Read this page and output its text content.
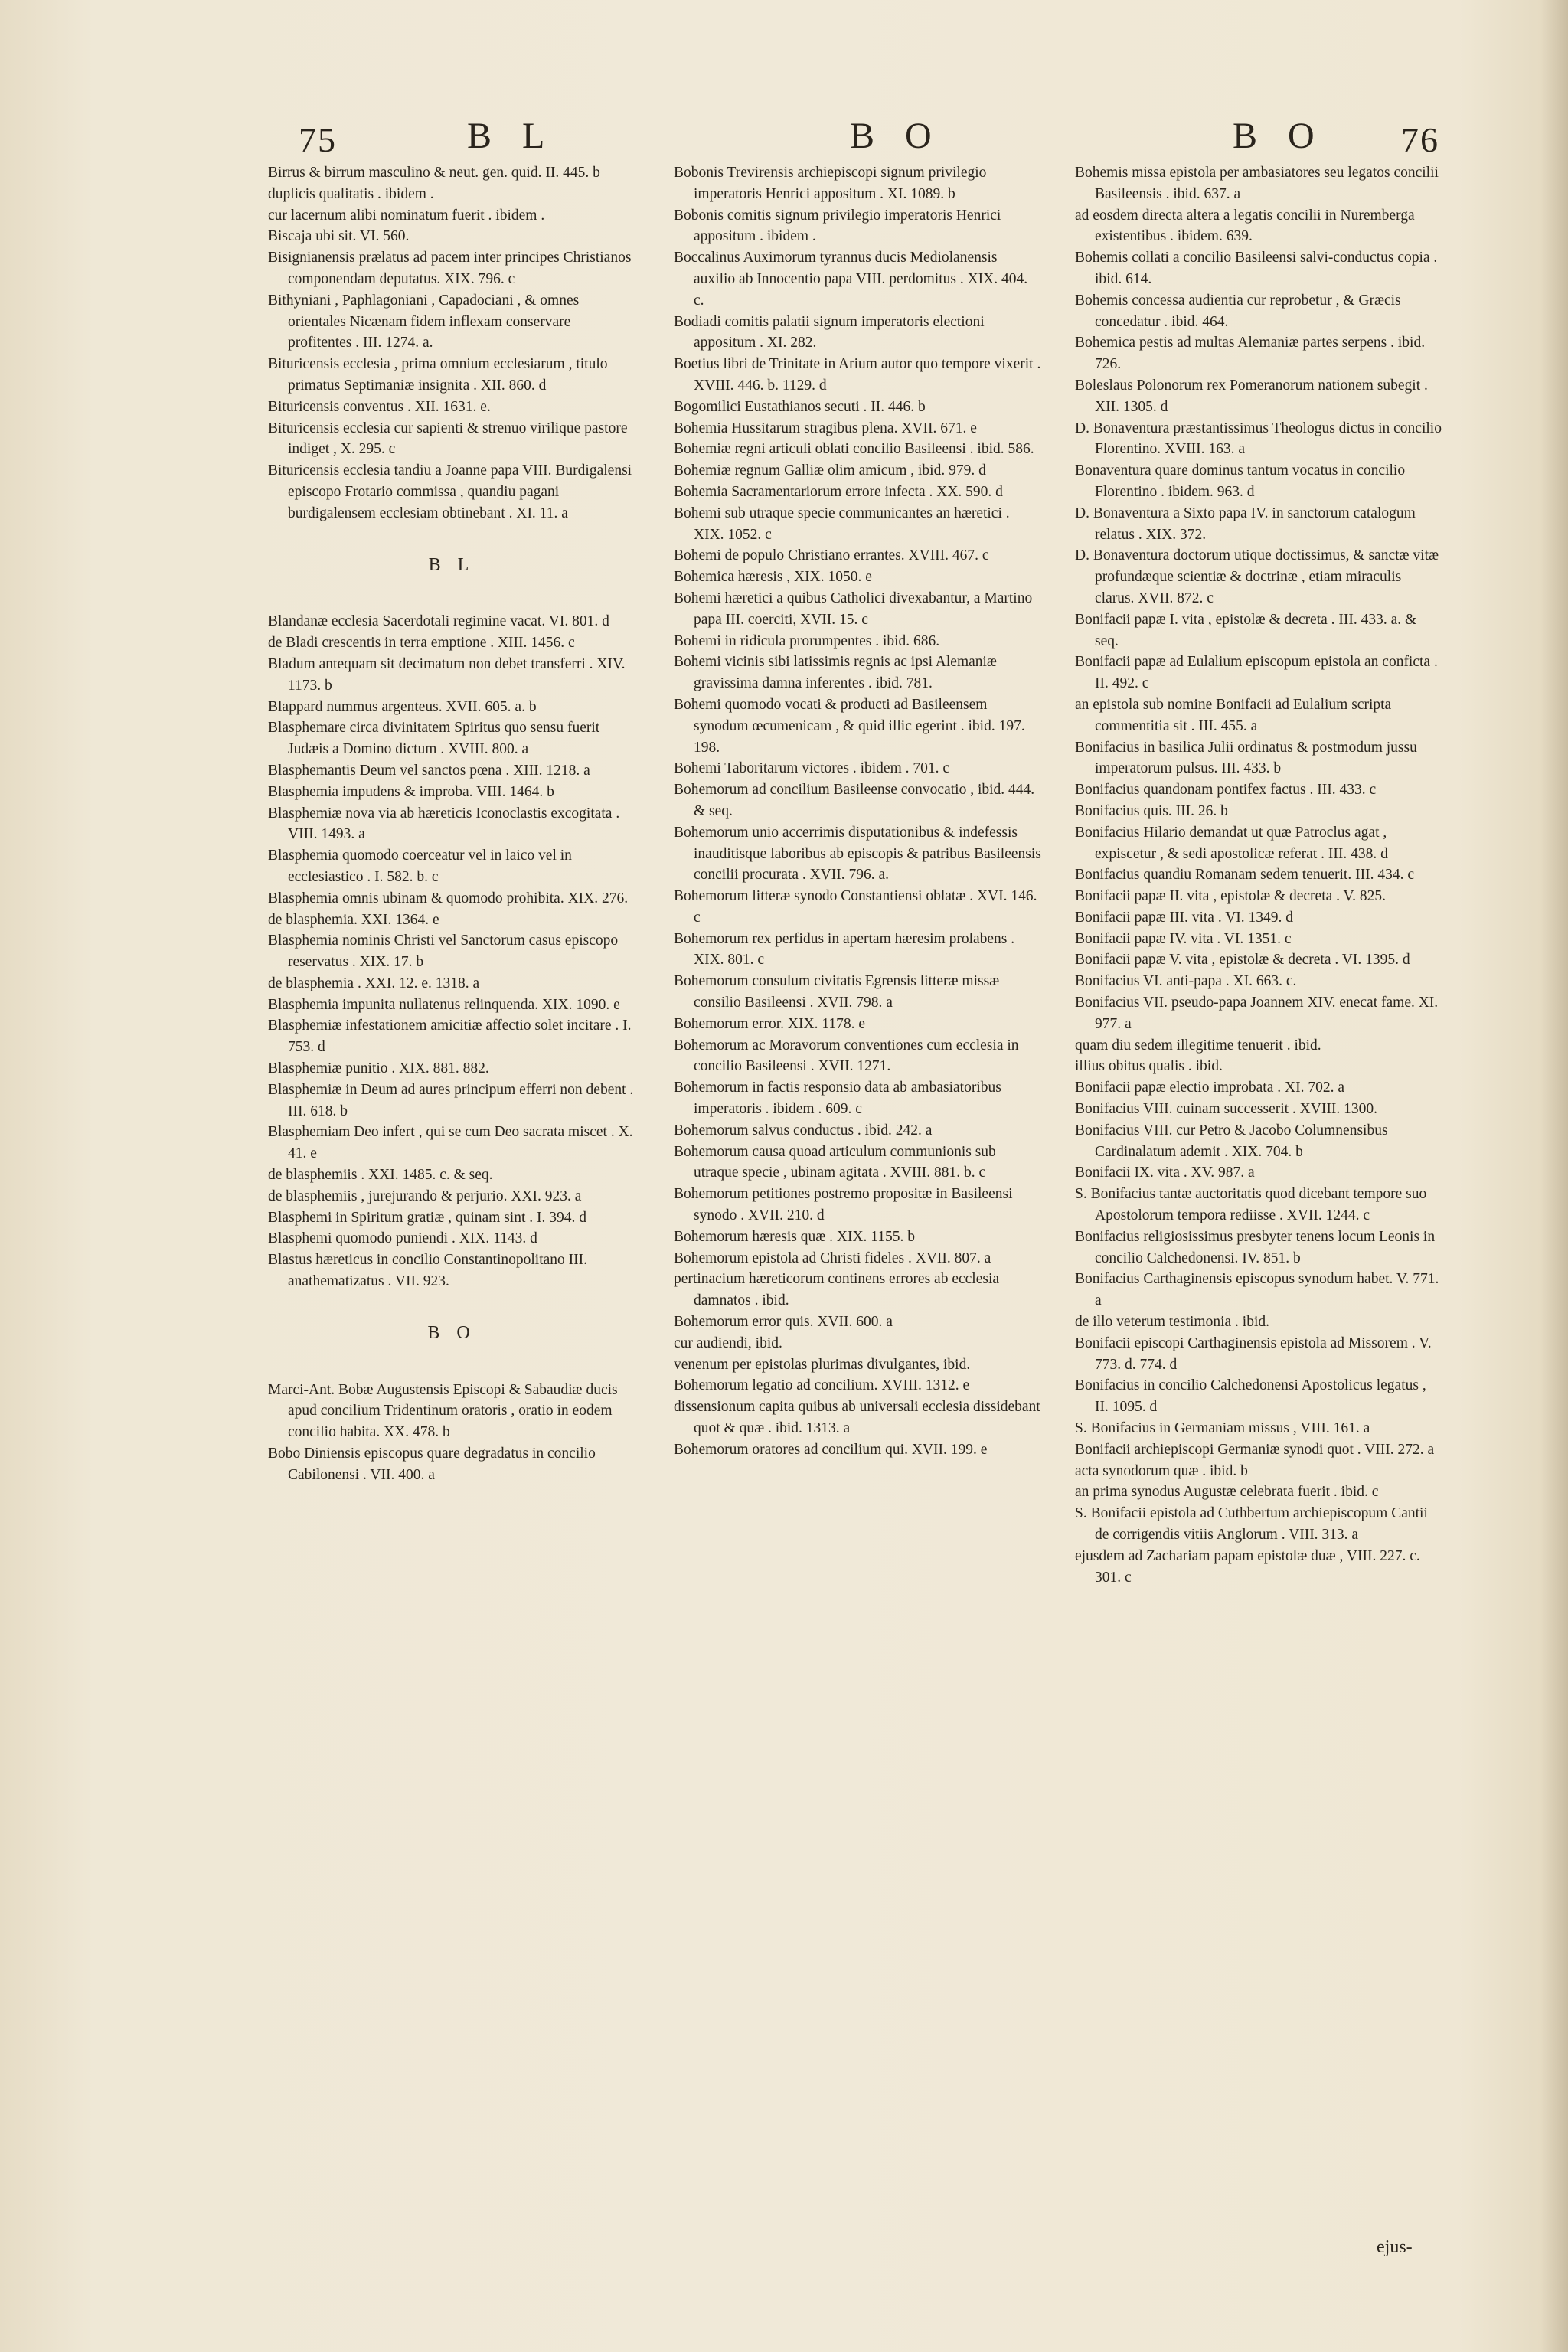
75	B L	B O	B O 76

Birrus & birrum masculino & neut. gen. quid. II. 445. b

duplicis qualitatis . ibidem .

cur lacernum alibi nominatum fuerit . ibidem .

Biscaja ubi sit. VI. 560.

Bisignianensis prælatus ad pacem inter principes Christianos componendam deputatus. XIX. 796. c

Bithyniani , Paphlagoniani , Capadociani , & omnes orientales Nicænam fidem inflexam conservare profitentes . III. 1274. a.

Bituricensis ecclesia , prima omnium ecclesiarum , titulo primatus Septimaniæ insignita . XII. 860. d

Bituricensis conventus . XII. 1631. e.

Bituricensis ecclesia cur sapienti & strenuo virilique pastore indiget , X. 295. c

Bituricensis ecclesia tandiu a Joanne papa VIII. Burdigalensi episcopo Frotario commissa , quandiu pagani burdigalensem ecclesiam obtinebant . XI. 11. a

B L

Blandanæ ecclesia Sacerdotali regimine vacat. VI. 801. d

de Bladi crescentis in terra emptione . XIII. 1456. c

Bladum antequam sit decimatum non debet transferri . XIV. 1173. b

Blappard nummus argenteus. XVII. 605. a. b

Blasphemare circa divinitatem Spiritus quo sensu fuerit Judæis a Domino dictum . XVIII. 800. a

Blasphemantis Deum vel sanctos pœna . XIII. 1218. a

Blasphemia impudens & improba. VIII. 1464. b

Blasphemiæ nova via ab hæreticis Iconoclastis excogitata . VIII. 1493. a

Blasphemia quomodo coerceatur vel in laico vel in ecclesiastico . I. 582. b. c

Blasphemia omnis ubinam & quomodo prohibita. XIX. 276.

de blasphemia. XXI. 1364. e

Blasphemia nominis Christi vel Sanctorum casus episcopo reservatus . XIX. 17. b

de blasphemia . XXI. 12. e. 1318. a

Blasphemia impunita nullatenus relinquenda. XIX. 1090. e

Blasphemiæ infestationem amicitiæ affectio solet incitare . I. 753. d

Blasphemiæ punitio . XIX. 881. 882.

Blasphemiæ in Deum ad aures principum efferri non debent . III. 618. b

Blasphemiam Deo infert , qui se cum Deo sacrata miscet . X. 41. e

de blasphemiis . XXI. 1485. c. & seq.

de blasphemiis , jurejurando & perjurio. XXI. 923. a

Blasphemi in Spiritum gratiæ , quinam sint . I. 394. d

Blasphemi quomodo puniendi . XIX. 1143. d

Blastus hæreticus in concilio Constantinopolitano III. anathematizatus . VII. 923.

B O

Marci-Ant. Bobæ Augustensis Episcopi & Sabaudiæ ducis apud concilium Tridentinum oratoris , oratio in eodem concilio habita. XX. 478. b

Bobo Diniensis episcopus quare degradatus in concilio Cabilonensi . VII. 400. a

Bobonis Trevirensis archiepiscopi signum privilegio imperatoris Henrici appositum . XI. 1089. b

Bobonis comitis signum privilegio imperatoris Henrici appositum . ibidem .

Boccalinus Auximorum tyrannus ducis Mediolanensis auxilio ab Innocentio papa VIII. perdomitus . XIX. 404. c.

Bodiadi comitis palatii signum imperatoris electioni appositum . XI. 282.

Boetius libri de Trinitate in Arium autor quo tempore vixerit . XVIII. 446. b. 1129. d

Bogomilici Eustathianos secuti . II. 446. b

Bohemia Hussitarum stragibus plena. XVII. 671. e

Bohemiæ regni articuli oblati concilio Basileensi . ibid. 586.

Bohemiæ regnum Galliæ olim amicum , ibid. 979. d

Bohemia Sacramentariorum errore infecta . XX. 590. d

Bohemi sub utraque specie communicantes an hæretici . XIX. 1052. c

Bohemi de populo Christiano errantes. XVIII. 467. c

Bohemica hæresis , XIX. 1050. e

Bohemi hæretici a quibus Catholici divexabantur, a Martino papa III. coerciti, XVII. 15. c

Bohemi in ridicula prorumpentes . ibid. 686.

Bohemi vicinis sibi latissimis regnis ac ipsi Alemaniæ gravissima damna inferentes . ibid. 781.

Bohemi quomodo vocati & producti ad Basileensem synodum œcumenicam , & quid illic egerint . ibid. 197. 198.

Bohemi Taboritarum victores . ibidem . 701. c

Bohemorum ad concilium Basileense convocatio , ibid. 444. & seq.

Bohemorum unio accerrimis disputationibus & indefessis inauditisque laboribus ab episcopis & patribus Basileensis concilii procurata . XVII. 796. a.

Bohemorum litteræ synodo Constantiensi oblatæ . XVI. 146. c

Bohemorum rex perfidus in apertam hæresim prolabens . XIX. 801. c

Bohemorum consulum civitatis Egrensis litteræ missæ consilio Basileensi . XVII. 798. a

Bohemorum error. XIX. 1178. e

Bohemorum ac Moravorum conventiones cum ecclesia in concilio Basileensi . XVII. 1271.

Bohemorum in factis responsio data ab ambasiatoribus imperatoris . ibidem . 609. c

Bohemorum salvus conductus . ibid. 242. a

Bohemorum causa quoad articulum communionis sub utraque specie , ubinam agitata . XVIII. 881. b. c

Bohemorum petitiones postremo propositæ in Basileensi synodo . XVII. 210. d

Bohemorum hæresis quæ . XIX. 1155. b

Bohemorum epistola ad Christi fideles . XVII. 807. a

pertinacium hæreticorum continens errores ab ecclesia damnatos . ibid.

Bohemorum error quis. XVII. 600. a

cur audiendi, ibid.

venenum per epistolas plurimas divulgantes, ibid.

Bohemorum legatio ad concilium. XVIII. 1312. e

dissensionum capita quibus ab universali ecclesia dissidebant quot & quæ . ibid. 1313. a

Bohemorum oratores ad concilium qui. XVII. 199. e

Bohemis missa epistola per ambasiatores seu legatos concilii Basileensis . ibid. 637. a

ad eosdem directa altera a legatis concilii in Nuremberga existentibus . ibidem. 639.

Bohemis collati a concilio Basileensi salvi-conductus copia . ibid. 614.

Bohemis concessa audientia cur reprobetur , & Græcis concedatur . ibid. 464.

Bohemica pestis ad multas Alemaniæ partes serpens . ibid. 726.

Boleslaus Polonorum rex Pomeranorum nationem subegit . XII. 1305. d

D. Bonaventura præstantissimus Theologus dictus in concilio Florentino. XVIII. 163. a

Bonaventura quare dominus tantum vocatus in concilio Florentino . ibidem. 963. d

D. Bonaventura a Sixto papa IV. in sanctorum catalogum relatus . XIX. 372.

D. Bonaventura doctorum utique doctissimus, & sanctæ vitæ profundæque scientiæ & doctrinæ , etiam miraculis clarus. XVII. 872. c

Bonifacii papæ I. vita , epistolæ & decreta . III. 433. a. & seq.

Bonifacii papæ ad Eulalium episcopum epistola an conficta . II. 492. c

an epistola sub nomine Bonifacii ad Eulalium scripta commentitia sit . III. 455. a

Bonifacius in basilica Julii ordinatus & postmodum jussu imperatorum pulsus. III. 433. b

Bonifacius quandonam pontifex factus . III. 433. c

Bonifacius quis. III. 26. b

Bonifacius Hilario demandat ut quæ Patroclus agat , expiscetur , & sedi apostolicæ referat . III. 438. d

Bonifacius quandiu Romanam sedem tenuerit. III. 434. c

Bonifacii papæ II. vita , epistolæ & decreta . V. 825.

Bonifacii papæ III. vita . VI. 1349. d

Bonifacii papæ IV. vita . VI. 1351. c

Bonifacii papæ V. vita , epistolæ & decreta . VI. 1395. d

Bonifacius VI. anti-papa . XI. 663. c.

Bonifacius VII. pseudo-papa Joannem XIV. enecat fame. XI. 977. a

quam diu sedem illegitime tenuerit . ibid.

illius obitus qualis . ibid.

Bonifacii papæ electio improbata . XI. 702. a

Bonifacius VIII. cuinam successerit . XVIII. 1300.

Bonifacius VIII. cur Petro & Jacobo Columnensibus Cardinalatum ademit . XIX. 704. b

Bonifacii IX. vita . XV. 987. a

S. Bonifacius tantæ auctoritatis quod dicebant tempore suo Apostolorum tempora rediisse . XVII. 1244. c

Bonifacius religiosissimus presbyter tenens locum Leonis in concilio Calchedonensi. IV. 851. b

Bonifacius Carthaginensis episcopus synodum habet. V. 771. a

de illo veterum testimonia . ibid.

Bonifacii episcopi Carthaginensis epistola ad Missorem . V. 773. d. 774. d

Bonifacius in concilio Calchedonensi Apostolicus legatus , II. 1095. d

S. Bonifacius in Germaniam missus , VIII. 161. a

Bonifacii archiepiscopi Germaniæ synodi quot . VIII. 272. a

acta synodorum quæ . ibid. b

an prima synodus Augustæ celebrata fuerit . ibid. c

S. Bonifacii epistola ad Cuthbertum archiepiscopum Cantii de corrigendis vitiis Anglorum . VIII. 313. a

ejusdem ad Zachariam papam epistolæ duæ , VIII. 227. c. 301. c

ejus-
